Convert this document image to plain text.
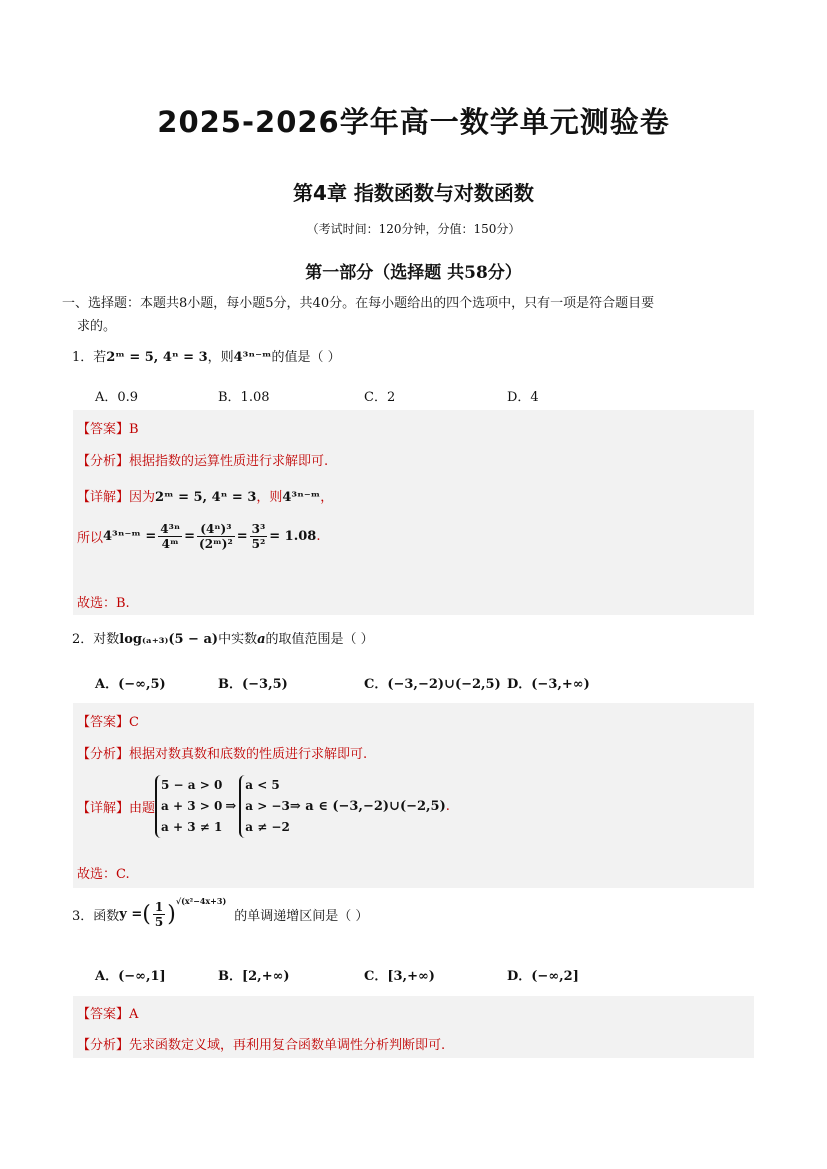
2025-2026学年高一数学单元测验卷
第4章 指数函数与对数函数
（考试时间：120分钟，分值：150分）
第一部分（选择题 共58分）
一、选择题：本题共8小题，每小题5分，共40分。在每小题给出的四个选项中，只有一项是符合题目要
求的。
1．若2ᵐ = 5, 4ⁿ = 3，则4³ⁿ⁻ᵐ的值是（ ）
A．0.9	B．1.08	C．2	D．4
【答案】B
【分析】根据指数的运算性质进行求解即可.
【详解】因为2ᵐ = 5, 4ⁿ = 3，则4³ⁿ⁻ᵐ，
所以4³ⁿ⁻ᵐ = $\frac{\text{4³ⁿ}}{\text{4ᵐ}} = \frac{\text{(4ⁿ)³}}{\text{(2ᵐ)²}} = \frac{\text{3³}}{\text{5²}} = 1.08$.
故选：B.
2．对数log₍ₐ₊₃₎(5 − a)中实数a的取值范围是（ ）
A．(−∞,5)	B．(−3,5)	C．(−3,−2)∪(−2,5) D．(−3,+∞)
【答案】C
【分析】根据对数真数和底数的性质进行求解即可.
【详解】由题
5 − a > 0
a + 3 > 0
a + 3 ≠ 1
⇒
a < 5
a > −3
a ≠ −2
⇒ a ∈ (−3,−2)∪(−2,5).
故选：C.
3．函数y =( $\frac{1}{5} )^{√(x^2-4x+3)}$的单调递增区间是（ ）
A．(−∞,1]	B．[2,+∞)	C．[3,+∞)	D．(−∞,2]
【答案】A
【分析】先求函数定义域，再利用复合函数单调性分析判断即可.
